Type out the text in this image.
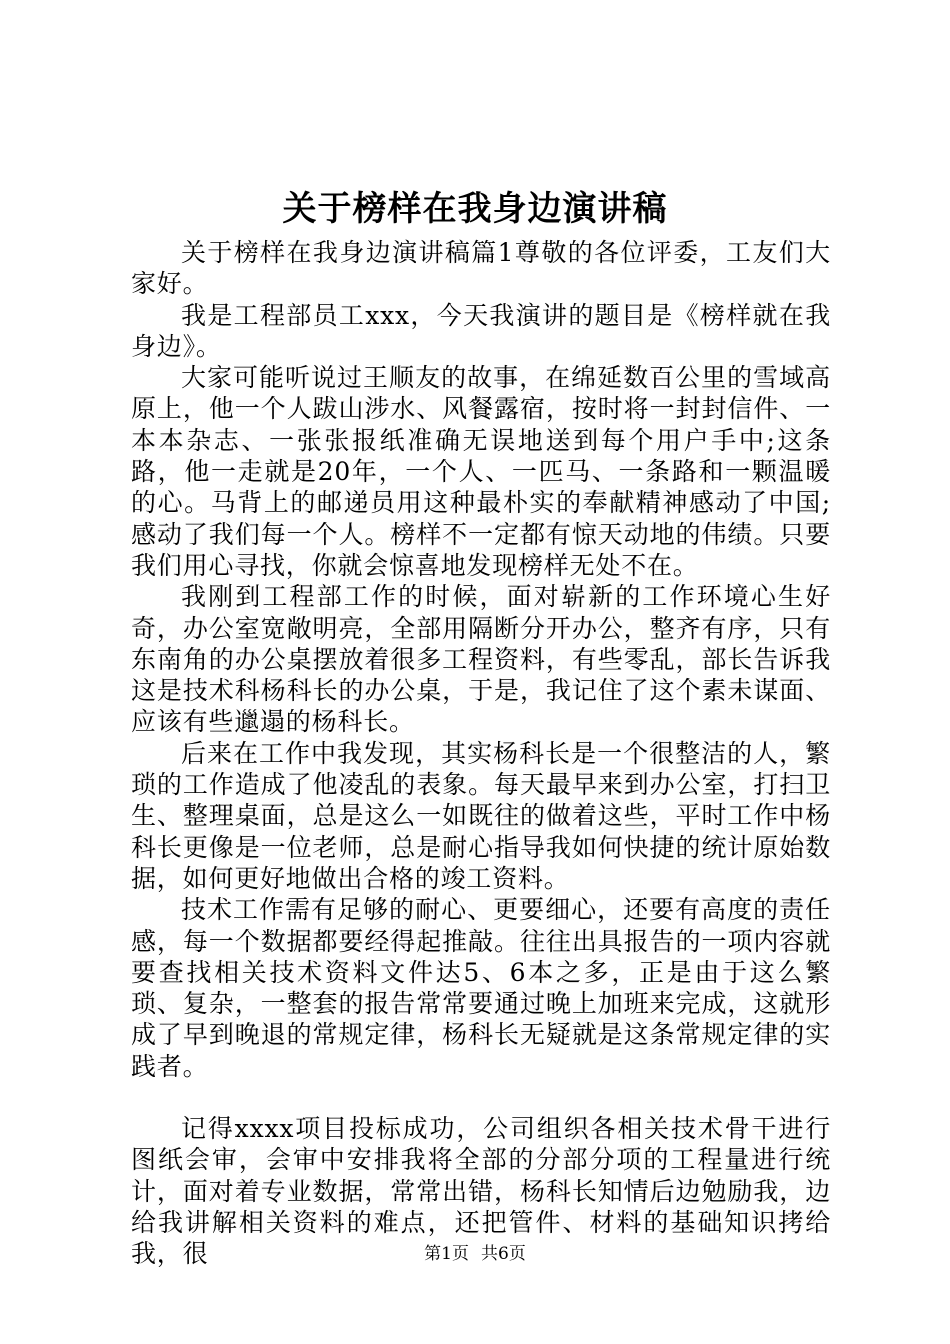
关于榜样在我身边演讲稿

关于榜样在我身边演讲稿篇1尊敬的各位评委，工友们大家好。

我是工程部员工xxx，今天我演讲的题目是《榜样就在我身边》。

大家可能听说过王顺友的故事，在绵延数百公里的雪域高原上，他一个人跋山涉水、风餐露宿，按时将一封封信件、一本本杂志、一张张报纸准确无误地送到每个用户手中;这条路，他一走就是20年，一个人、一匹马、一条路和一颗温暖的心。马背上的邮递员用这种最朴实的奉献精神感动了中国;感动了我们每一个人。榜样不一定都有惊天动地的伟绩。只要我们用心寻找，你就会惊喜地发现榜样无处不在。

我刚到工程部工作的时候，面对崭新的工作环境心生好奇，办公室宽敞明亮，全部用隔断分开办公，整齐有序，只有东南角的办公桌摆放着很多工程资料，有些零乱，部长告诉我这是技术科杨科长的办公桌，于是，我记住了这个素未谋面、应该有些邋遢的杨科长。

后来在工作中我发现，其实杨科长是一个很整洁的人，繁琐的工作造成了他凌乱的表象。每天最早来到办公室，打扫卫生、整理桌面，总是这么一如既往的做着这些，平时工作中杨科长更像是一位老师，总是耐心指导我如何快捷的统计原始数据，如何更好地做出合格的竣工资料。

技术工作需有足够的耐心、更要细心，还要有高度的责任感，每一个数据都要经得起推敲。往往出具报告的一项内容就要查找相关技术资料文件达5、6本之多，正是由于这么繁琐、复杂，一整套的报告常常要通过晚上加班来完成，这就形成了早到晚退的常规定律，杨科长无疑就是这条常规定律的实践者。

记得xxxx项目投标成功，公司组织各相关技术骨干进行图纸会审，会审中安排我将全部的分部分项的工程量进行统计，面对着专业数据，常常出错，杨科长知情后边勉励我，边给我讲解相关资料的难点，还把管件、材料的基础知识拷给我，很	第1页 共6页
